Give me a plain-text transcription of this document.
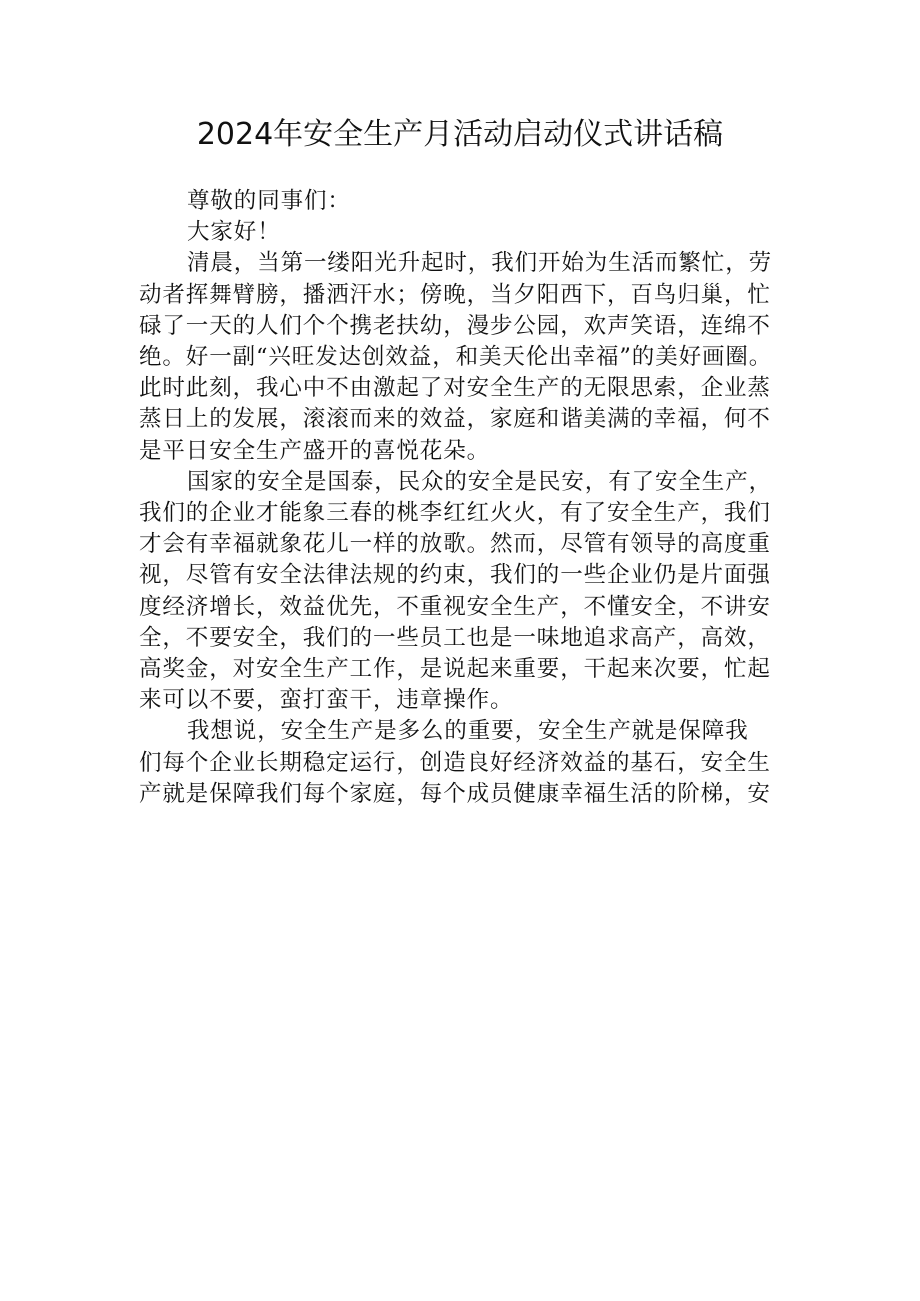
2024年安全生产月活动启动仪式讲话稿

尊敬的同事们：

大家好！

清晨，当第一缕阳光升起时，我们开始为生活而繁忙，劳
动者挥舞臂膀，播洒汗水；傍晚，当夕阳西下，百鸟归巢，忙
碌了一天的人们个个携老扶幼，漫步公园，欢声笑语，连绵不
绝。好一副“兴旺发达创效益，和美天伦出幸福”的美好画圈。
此时此刻，我心中不由激起了对安全生产的无限思索，企业蒸
蒸日上的发展，滚滚而来的效益，家庭和谐美满的幸福，何不
是平日安全生产盛开的喜悦花朵。

国家的安全是国泰，民众的安全是民安，有了安全生产，
我们的企业才能象三春的桃李红红火火，有了安全生产，我们
才会有幸福就象花儿一样的放歌。然而，尽管有领导的高度重
视，尽管有安全法律法规的约束，我们的一些企业仍是片面强
度经济增长，效益优先，不重视安全生产，不懂安全，不讲安
全，不要安全，我们的一些员工也是一味地追求高产，高效，
高奖金，对安全生产工作，是说起来重要，干起来次要，忙起
来可以不要，蛮打蛮干，违章操作。

我想说，安全生产是多么的重要，安全生产就是保障我
们每个企业长期稳定运行，创造良好经济效益的基石，安全生
产就是保障我们每个家庭，每个成员健康幸福生活的阶梯，安
